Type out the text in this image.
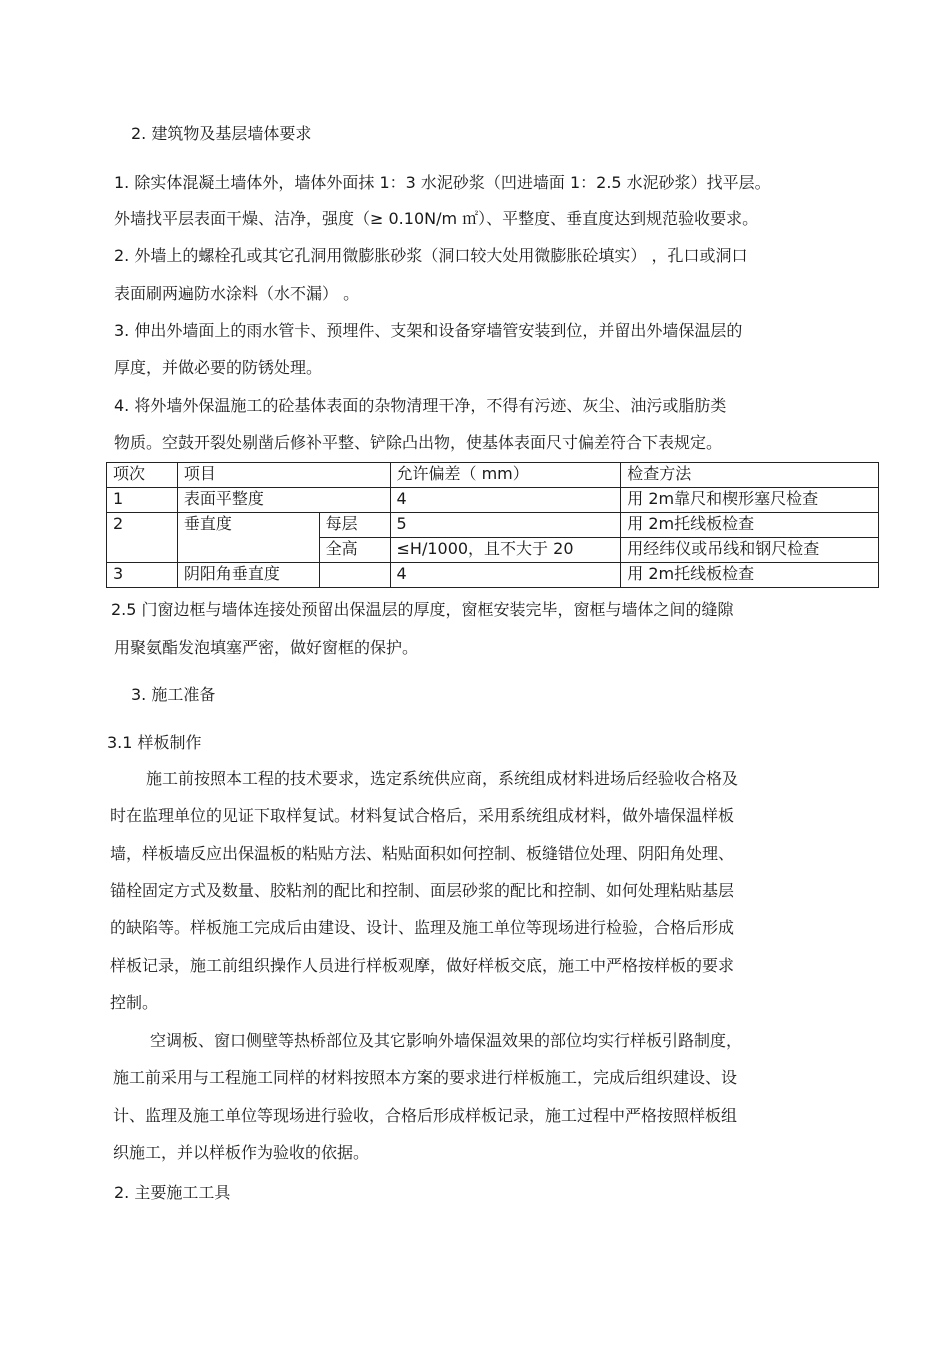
2. 建筑物及基层墙体要求
1. 除实体混凝土墙体外，墙体外面抹 1：3 水泥砂浆（凹进墙面 1：2.5 水泥砂浆）找平层。
外墙找平层表面干燥、洁净，强度（≥ 0.10N/m ㎡）、平整度、垂直度达到规范验收要求。
2. 外墙上的螺栓孔或其它孔洞用微膨胀砂浆（洞口较大处用微膨胀砼填实） ，孔口或洞口
表面刷两遍防水涂料（水不漏） 。
3. 伸出外墙面上的雨水管卡、预埋件、支架和设备穿墙管安装到位，并留出外墙保温层的
厚度，并做必要的防锈处理。
4. 将外墙外保温施工的砼基体表面的杂物清理干净，不得有污迹、灰尘、油污或脂肪类
物质。空鼓开裂处剔凿后修补平整、铲除凸出物，使基体表面尺寸偏差符合下表规定。
项次	项目		允许偏差（ mm）	检查方法
1	表面平整度		4	用 2m靠尺和楔形塞尺检查
2	垂直度	每层	5	用 2m托线板检查
		全高	≤H/1000，且不大于 20	用经纬仪或吊线和钢尺检查
3	阴阳角垂直度		4	用 2m托线板检查
2.5 门窗边框与墙体连接处预留出保温层的厚度，窗框安装完毕，窗框与墙体之间的缝隙
用聚氨酯发泡填塞严密，做好窗框的保护。
3. 施工准备
3.1 样板制作
施工前按照本工程的技术要求，选定系统供应商，系统组成材料进场后经验收合格及
时在监理单位的见证下取样复试。材料复试合格后，采用系统组成材料，做外墙保温样板
墙，样板墙反应出保温板的粘贴方法、粘贴面积如何控制、板缝错位处理、阴阳角处理、
锚栓固定方式及数量、胶粘剂的配比和控制、面层砂浆的配比和控制、如何处理粘贴基层
的缺陷等。样板施工完成后由建设、设计、监理及施工单位等现场进行检验，合格后形成
样板记录，施工前组织操作人员进行样板观摩，做好样板交底，施工中严格按样板的要求
控制。
空调板、窗口侧壁等热桥部位及其它影响外墙保温效果的部位均实行样板引路制度，
施工前采用与工程施工同样的材料按照本方案的要求进行样板施工，完成后组织建设、设
计、监理及施工单位等现场进行验收，合格后形成样板记录，施工过程中严格按照样板组
织施工，并以样板作为验收的依据。
2. 主要施工工具
